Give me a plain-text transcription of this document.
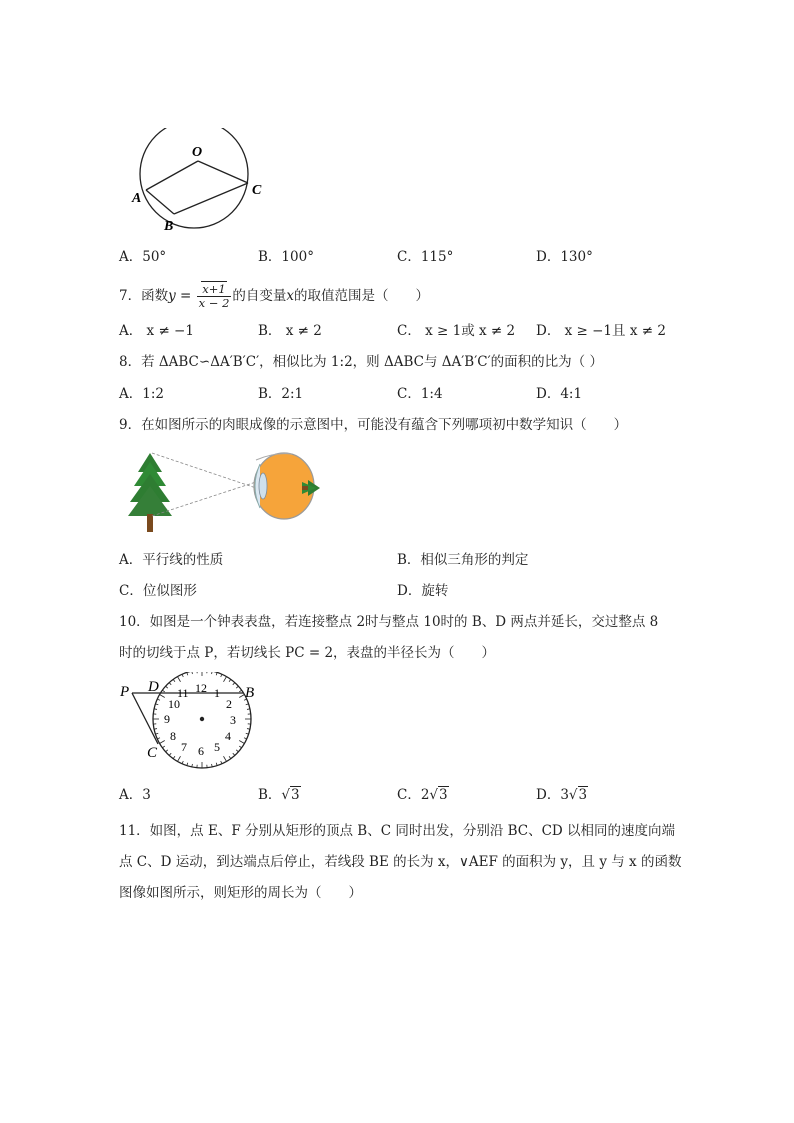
O
A
B
C
A．50°	B．100°	C．115°	D．130°
7．函数$y = \frac{x+1}{x - 2}$ 的自变量x的取值范围是（　　）
A． x ≠ −1	B． x ≠ 2	C． x ≥ 1或 x ≠ 2 D． x ≥ −1且 x ≠ 2
8．若 ΔABC∽ΔA′B′C′，相似比为 1:2，则 ΔABC与 ΔA′B′C′的面积的比为（ ）
A．1:2	B．2:1	C．1:4	D．4:1
9．在如图所示的肉眼成像的示意图中，可能没有蕴含下列哪项初中数学知识（　　）
A．平行线的性质	B．相似三角形的判定
C．位似图形	D．旋转
10．如图是一个钟表表盘，若连接整点 2时与整点 10时的 B、D 两点并延长，交过整点 8
时的切线于点 P，若切线长 PC = 2，表盘的半径长为（　　）
12 1
2
3
4
5
6
7
8
9
10
11
P D	B
C
A．3	B．√3	C．2√3	D．3√3
11．如图，点 E、F 分别从矩形的顶点 B、C 同时出发，分别沿 BC、CD 以相同的速度向端
点 C、D 运动，到达端点后停止，若线段 BE 的长为 x，∨AEF 的面积为 y，且 y 与 x 的函数
图像如图所示，则矩形的周长为（　　）
